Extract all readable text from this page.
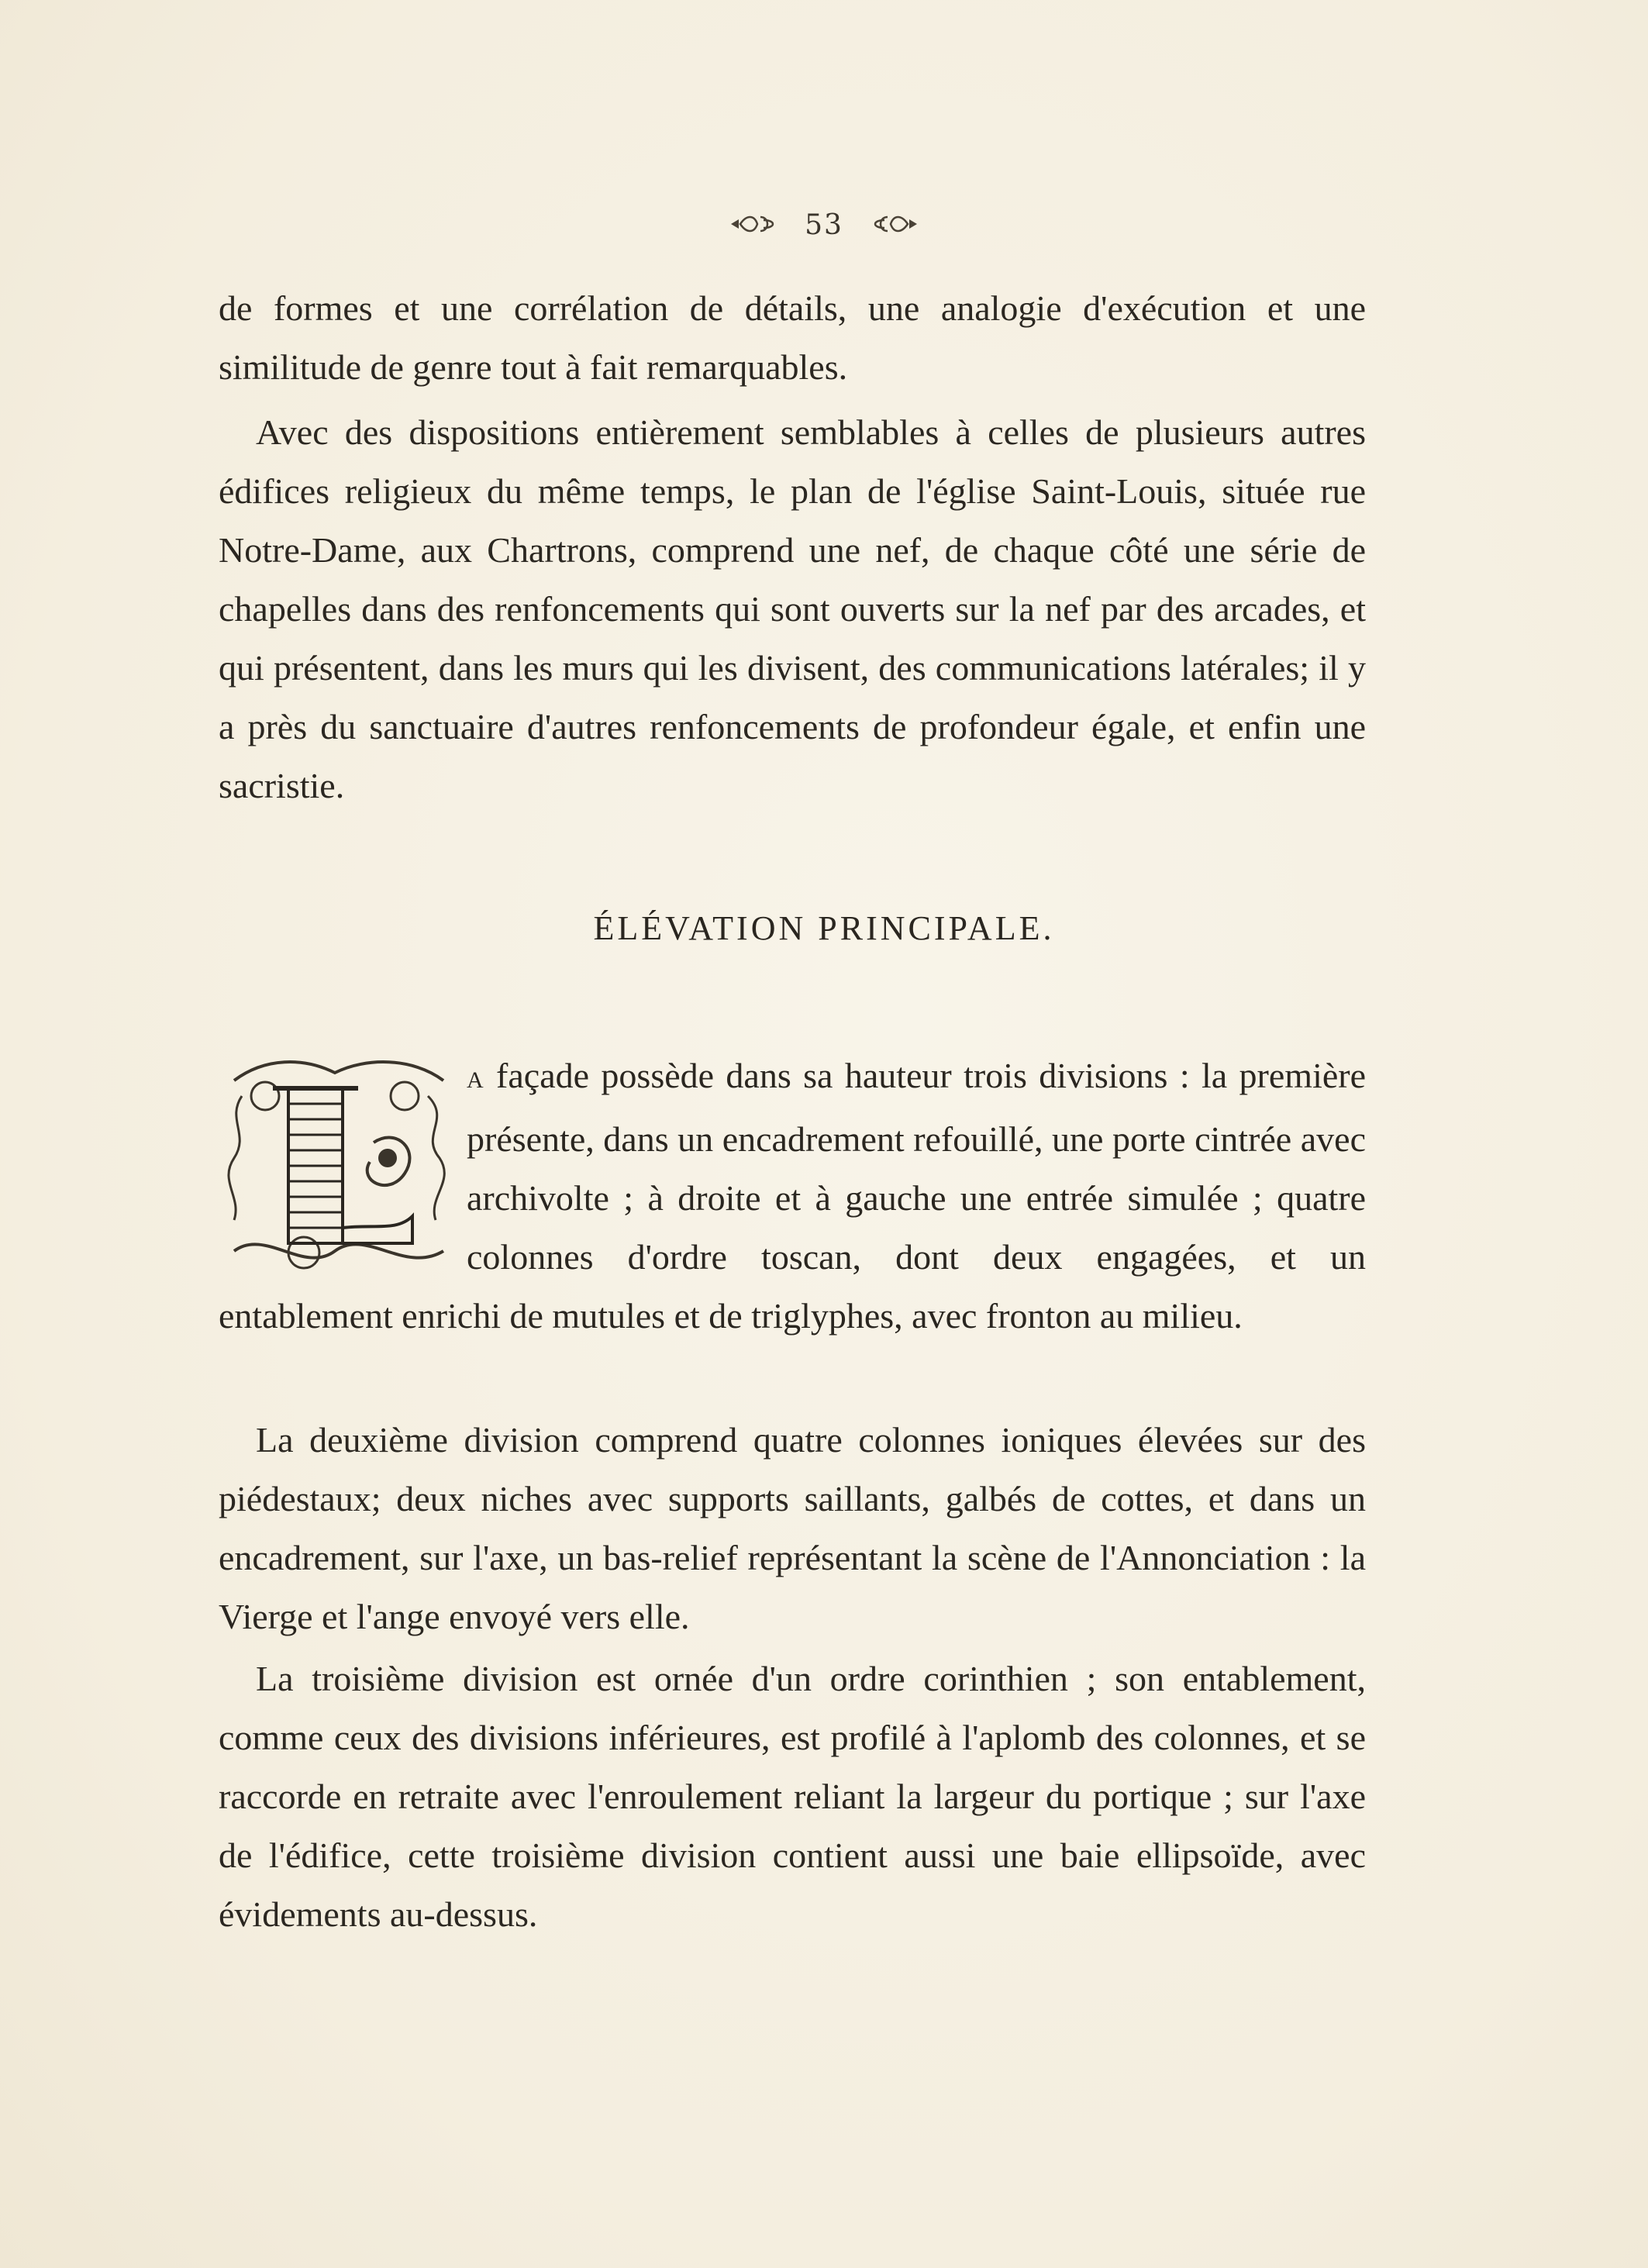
53

de formes et une corrélation de détails, une analogie d'exécution et une similitude de genre tout à fait remarquables.

Avec des dispositions entièrement semblables à celles de plusieurs autres édifices religieux du même temps, le plan de l'église Saint-Louis, située rue Notre-Dame, aux Chartrons, comprend une nef, de chaque côté une série de chapelles dans des renfoncements qui sont ouverts sur la nef par des arcades, et qui présentent, dans les murs qui les divisent, des communications latérales; il y a près du sanctuaire d'autres renfoncements de profondeur égale, et enfin une sacristie.

ÉLÉVATION PRINCIPALE.

A façade possède dans sa hauteur trois divisions : la première présente, dans un encadrement refouillé, une porte cintrée avec archivolte ; à droite et à gauche une entrée simulée ; quatre colonnes d'ordre toscan, dont deux engagées, et un entablement enrichi de mutules et de triglyphes, avec fronton au milieu.

La deuxième division comprend quatre colonnes ioniques élevées sur des piédestaux; deux niches avec supports saillants, galbés de cottes, et dans un encadrement, sur l'axe, un bas-relief représentant la scène de l'Annonciation : la Vierge et l'ange envoyé vers elle.

La troisième division est ornée d'un ordre corinthien ; son entablement, comme ceux des divisions inférieures, est profilé à l'aplomb des colonnes, et se raccorde en retraite avec l'enroulement reliant la largeur du portique ; sur l'axe de l'édifice, cette troisième division contient aussi une baie ellipsoïde, avec évidements au-dessus.
